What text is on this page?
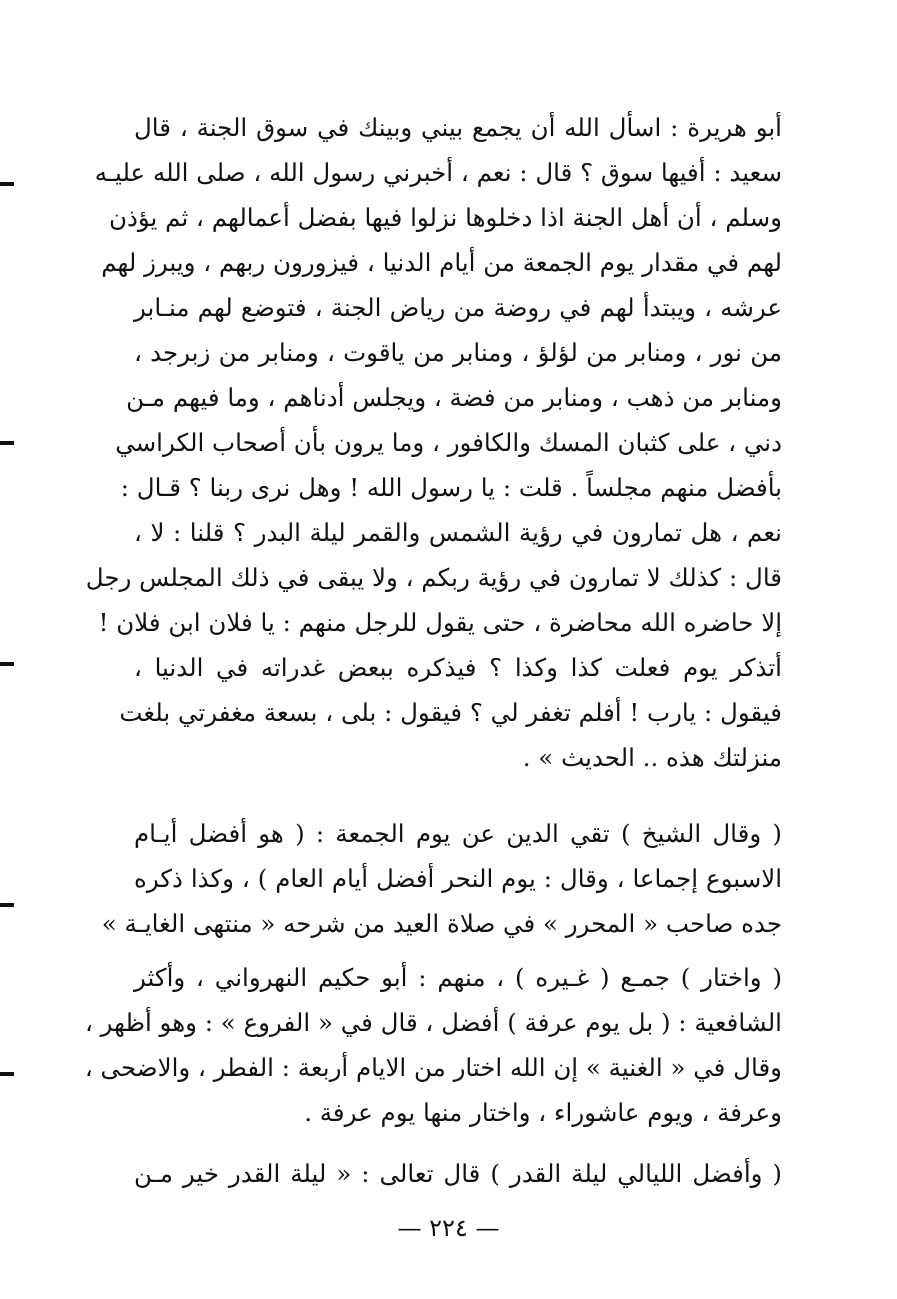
أبو هريرة : اسأل الله أن يجمع بيني وبينك في سوق الجنة ، قال
سعيد : أفيها سوق ؟ قال : نعم ، أخبرني رسول الله ، صلى الله عليـه
وسلم ، أن أهل الجنة اذا دخلوها نزلوا فيها بفضل أعمالهم ، ثم يؤذن
لهم في مقدار يوم الجمعة من أيام الدنيا ، فيزورون ربهم ، ويبرز لهم
عرشه ، ويبتدأ لهم في روضة من رياض الجنة ، فتوضع لهم منـابر
من نور ، ومنابر من لؤلؤ ، ومنابر من ياقوت ، ومنابر من زبرجد ،
ومنابر من ذهب ، ومنابر من فضة ، ويجلس أدناهم ، وما فيهم مـن
دني ، على كثبان المسك والكافور ، وما يرون بأن أصحاب الكراسي
بأفضل منهم مجلساً . قلت : يا رسول الله ! وهل نرى ربنا ؟ قـال :
نعم ، هل تمارون في رؤية الشمس والقمر ليلة البدر ؟ قلنا : لا ،
قال : كذلك لا تمارون في رؤية ربكم ، ولا يبقى في ذلك المجلس رجل
إلا حاضره الله محاضرة ، حتى يقول للرجل منهم : يا فلان ابن فلان !
أتذكر يوم فعلت كذا وكذا ؟ فيذكره ببعض غدراته في الدنيا ،
فيقول : يارب ! أفلم تغفر لي ؟ فيقول : بلى ، بسعة مغفرتي بلغت
منزلتك هذه .. الحديث » .
( وقال الشيخ ) تقي الدين عن يوم الجمعة : ( هو أفضل أيـام
الاسبوع إجماعا ، وقال : يوم النحر أفضل أيام العام ) ، وكذا ذكره
جده صاحب « المحرر » في صلاة العيد من شرحه « منتهى الغايـة »
( واختار ) جمـع ( غـيره ) ، منهم : أبو حكيم النهرواني ، وأكثر
الشافعية : ( بل يوم عرفة ) أفضل ، قال في « الفروع » : وهو أظهر ،
وقال في « الغنية » إن الله اختار من الايام أربعة : الفطر ، والاضحى ،
وعرفة ، ويوم عاشوراء ، واختار منها يوم عرفة .
( وأفضل الليالي ليلة القدر ) قال تعالى : « ليلة القدر خير مـن
— ٢٢٤ —
